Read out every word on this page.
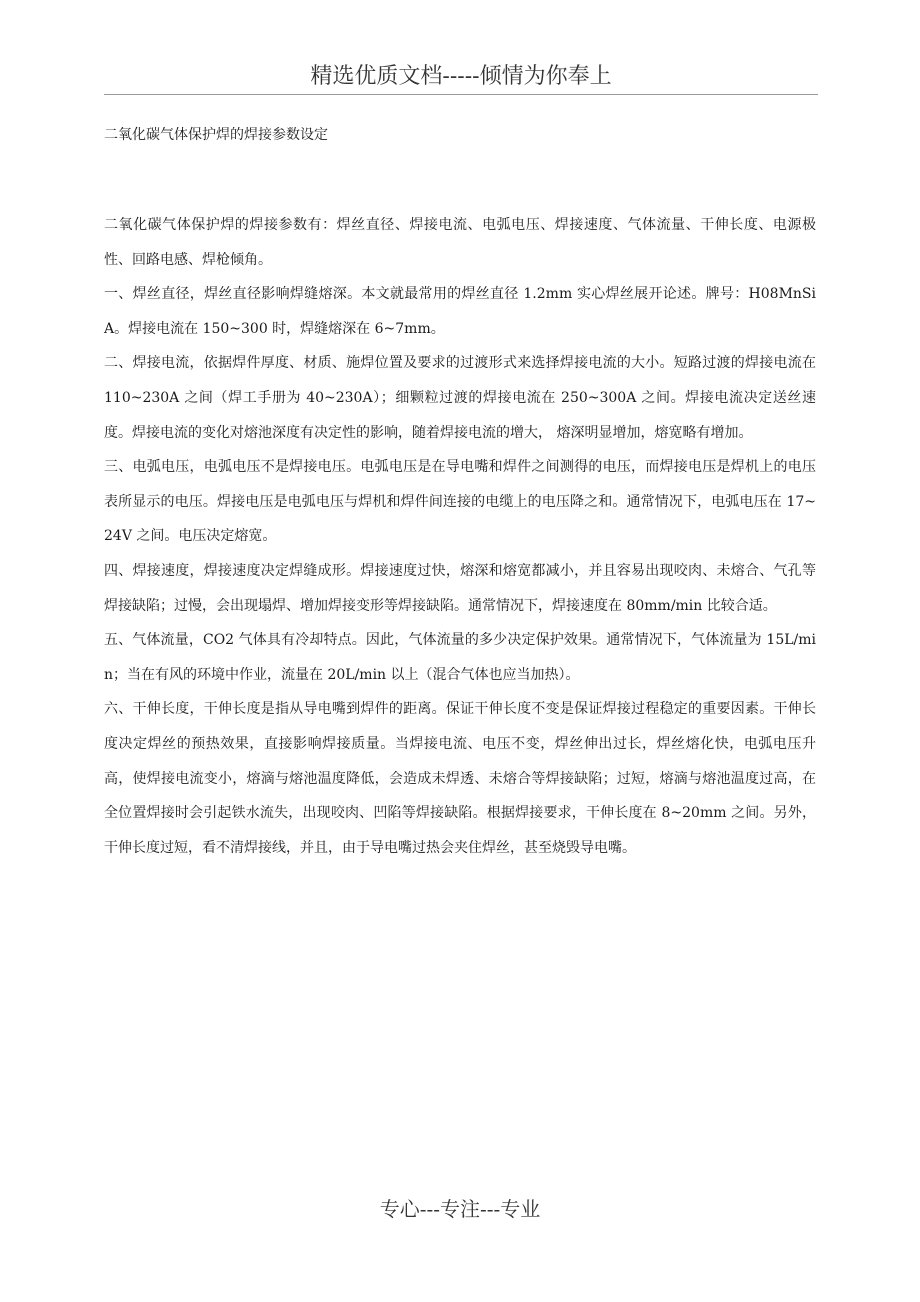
精选优质文档-----倾情为你奉上
二氧化碳气体保护焊的焊接参数设定

二氧化碳气体保护焊的焊接参数有：焊丝直径、焊接电流、电弧电压、焊接速度、气体流量、干伸长度、电源极性、回路电感、焊枪倾角。

一、焊丝直径，焊丝直径影响焊缝熔深。本文就最常用的焊丝直径 1.2mm 实心焊丝展开论述。牌号：H08MnSiA。焊接电流在 150~300 时，焊缝熔深在 6~7mm。

二、焊接电流，依据焊件厚度、材质、施焊位置及要求的过渡形式来选择焊接电流的大小。短路过渡的焊接电流在 110~230A 之间（焊工手册为 40~230A）；细颗粒过渡的焊接电流在 250~300A 之间。焊接电流决定送丝速度。焊接电流的变化对熔池深度有决定性的影响，随着焊接电流的增大， 熔深明显增加，熔宽略有增加。

三、电弧电压，电弧电压不是焊接电压。电弧电压是在导电嘴和焊件之间测得的电压，而焊接电压是焊机上的电压表所显示的电压。焊接电压是电弧电压与焊机和焊件间连接的电缆上的电压降之和。通常情况下，电弧电压在 17~24V 之间。电压决定熔宽。

四、焊接速度，焊接速度决定焊缝成形。焊接速度过快，熔深和熔宽都减小，并且容易出现咬肉、未熔合、气孔等焊接缺陷；过慢，会出现塌焊、增加焊接变形等焊接缺陷。通常情况下，焊接速度在 80mm/min 比较合适。

五、气体流量，CO2 气体具有冷却特点。因此，气体流量的多少决定保护效果。通常情况下，气体流量为 15L/min；当在有风的环境中作业，流量在 20L/min 以上（混合气体也应当加热）。

六、干伸长度，干伸长度是指从导电嘴到焊件的距离。保证干伸长度不变是保证焊接过程稳定的重要因素。干伸长度决定焊丝的预热效果，直接影响焊接质量。当焊接电流、电压不变，焊丝伸出过长，焊丝熔化快，电弧电压升高，使焊接电流变小，熔滴与熔池温度降低，会造成未焊透、未熔合等焊接缺陷；过短，熔滴与熔池温度过高，在全位置焊接时会引起铁水流失，出现咬肉、凹陷等焊接缺陷。根据焊接要求，干伸长度在 8~20mm 之间。另外，干伸长度过短，看不清焊接线，并且，由于导电嘴过热会夹住焊丝，甚至烧毁导电嘴。

专心---专注---专业
